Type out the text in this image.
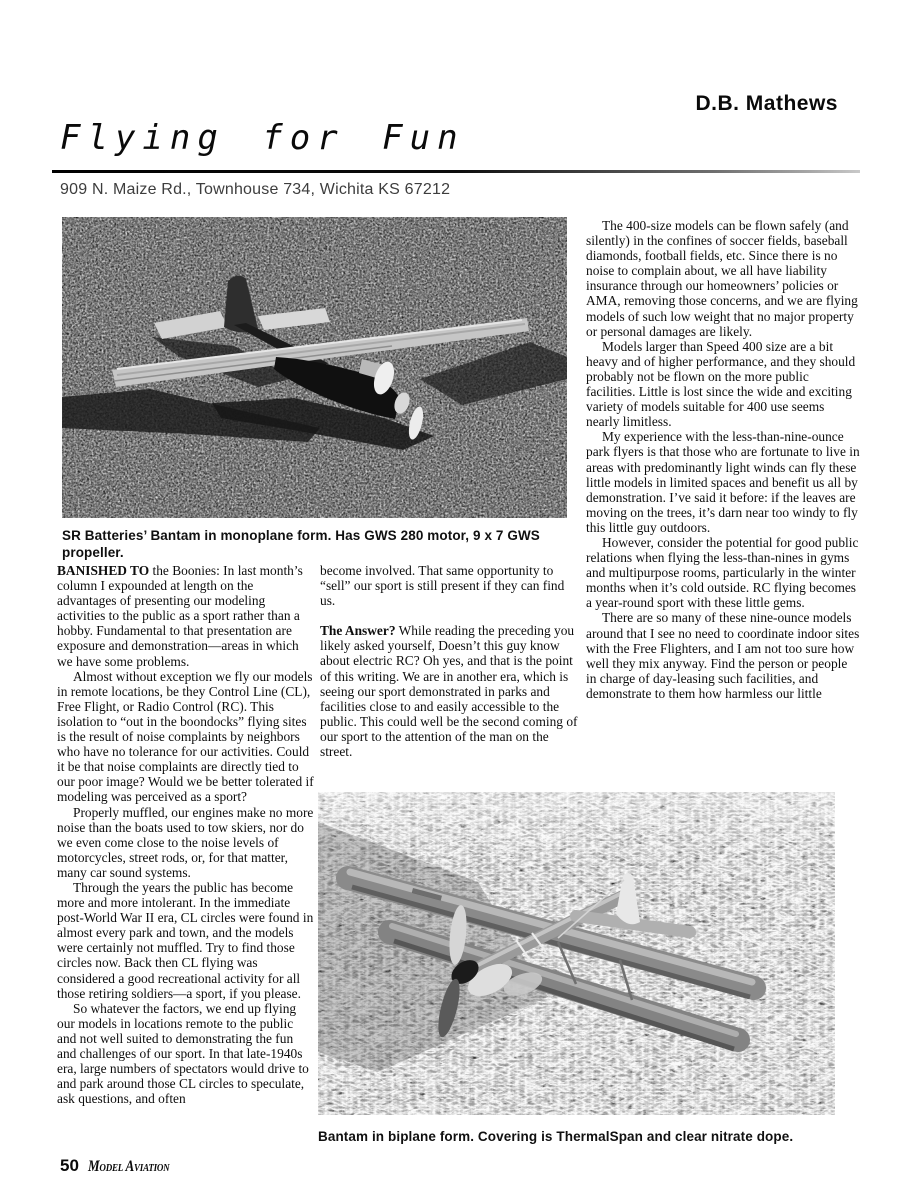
D.B. Mathews
Flying for Fun
909 N. Maize Rd., Townhouse 734, Wichita KS 67212
SR Batteries’ Bantam in monoplane form. Has GWS 280 motor, 9 x 7 GWS propeller.

BANISHED TO the Boonies: In last month’s column I expounded at length on the advantages of presenting our modeling activities to the public as a sport rather than a hobby. Fundamental to that presentation are exposure and demonstration—areas in which we have some problems.

Almost without exception we fly our models in remote locations, be they Control Line (CL), Free Flight, or Radio Control (RC). This isolation to “out in the boondocks” flying sites is the result of noise complaints by neighbors who have no tolerance for our activities. Could it be that noise complaints are directly tied to our poor image? Would we be better tolerated if modeling was perceived as a sport?

Properly muffled, our engines make no more noise than the boats used to tow skiers, nor do we even come close to the noise levels of motorcycles, street rods, or, for that matter, many car sound systems.

Through the years the public has become more and more intolerant. In the immediate post-World War II era, CL circles were found in almost every park and town, and the models were certainly not muffled. Try to find those circles now. Back then CL flying was considered a good recreational activity for all those retiring soldiers—a sport, if you please.

So whatever the factors, we end up flying our models in locations remote to the public and not well suited to demonstrating the fun and challenges of our sport. In that late-1940s era, large numbers of spectators would drive to and park around those CL circles to speculate, ask questions, and often

become involved. That same opportunity to “sell” our sport is still present if they can find us.

The Answer? While reading the preceding you likely asked yourself, Doesn’t this guy know about electric RC? Oh yes, and that is the point of this writing. We are in another era, which is seeing our sport demonstrated in parks and facilities close to and easily accessible to the public. This could well be the second coming of our sport to the attention of the man on the street.

The 400-size models can be flown safely (and silently) in the confines of soccer fields, baseball diamonds, football fields, etc. Since there is no noise to complain about, we all have liability insurance through our homeowners’ policies or AMA, removing those concerns, and we are flying models of such low weight that no major property or personal damages are likely.

Models larger than Speed 400 size are a bit heavy and of higher performance, and they should probably not be flown on the more public facilities. Little is lost since the wide and exciting variety of models suitable for 400 use seems nearly limitless.

My experience with the less-than-nine-ounce park flyers is that those who are fortunate to live in areas with predominantly light winds can fly these little models in limited spaces and benefit us all by demonstration. I’ve said it before: if the leaves are moving on the trees, it’s darn near too windy to fly this little guy outdoors.

However, consider the potential for good public relations when flying the less-than-nines in gyms and multipurpose rooms, particularly in the winter months when it’s cold outside. RC flying becomes a year-round sport with these little gems.

There are so many of these nine-ounce models around that I see no need to coordinate indoor sites with the Free Flighters, and I am not too sure how well they mix anyway. Find the person or people in charge of day-leasing such facilities, and demonstrate to them how harmless our little

Bantam in biplane form. Covering is ThermalSpan and clear nitrate dope.
50 Model Aviation
